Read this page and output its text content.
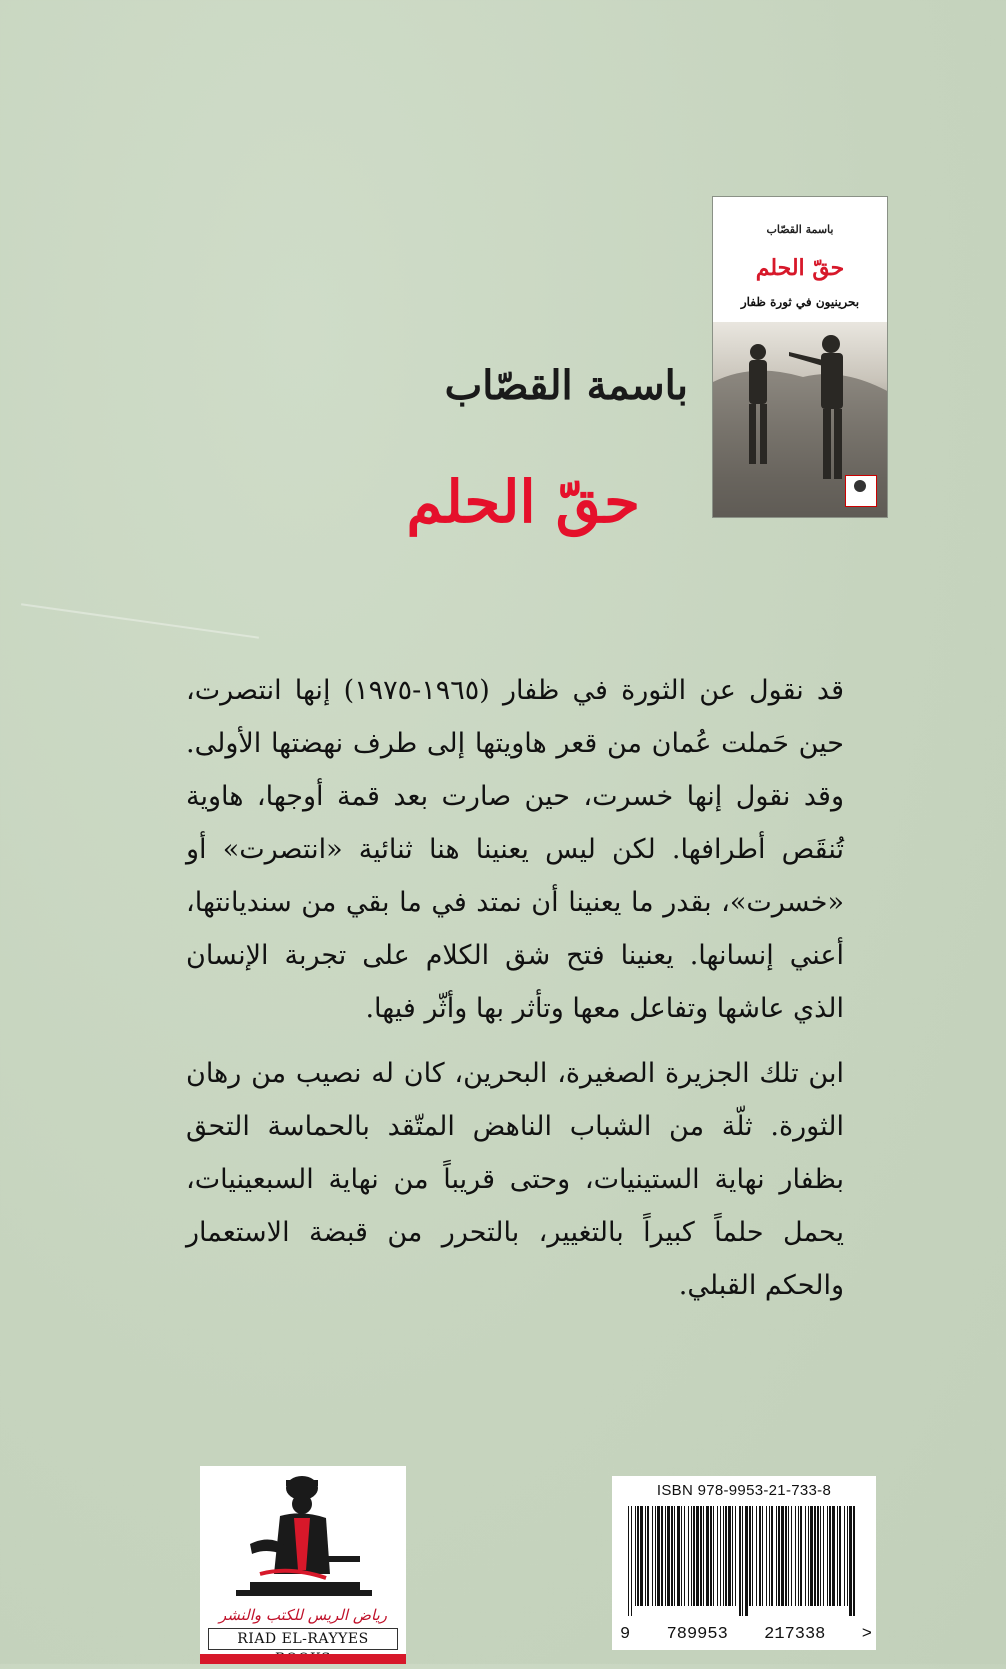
باسمة القصّاب
حقّ الحلم
بحرينيون في ثورة ظفار
باسمة القصّاب
حقّ الحلم

قد نقول عن الثورة في ظفار (١٩٦٥-١٩٧٥) إنها انتصرت، حين حَملت عُمان من قعر هاويتها إلى طرف نهضتها الأولى. وقد نقول إنها خسرت، حين صارت بعد قمة أوجها، هاوية تُنقَص أطرافها. لكن ليس يعنينا هنا ثنائية «انتصرت» أو «خسرت»، بقدر ما يعنينا أن نمتد في ما بقي من سنديانتها، أعني إنسانها. يعنينا فتح شق الكلام على تجربة الإنسان الذي عاشها وتفاعل معها وتأثر بها وأثّر فيها.

ابن تلك الجزيرة الصغيرة، البحرين، كان له نصيب من رهان الثورة. ثلّة من الشباب الناهض المتّقد بالحماسة التحق بظفار نهاية الستينيات، وحتى قريباً من نهاية السبعينيات، يحمل حلماً كبيراً بالتغيير، بالتحرر من قبضة الاستعمار والحكم القبلي.

رياض الريس للكتب والنشر
RIAD EL-RAYYES
ISBN 978-9953-21-733-8
9 789953 217338 >
